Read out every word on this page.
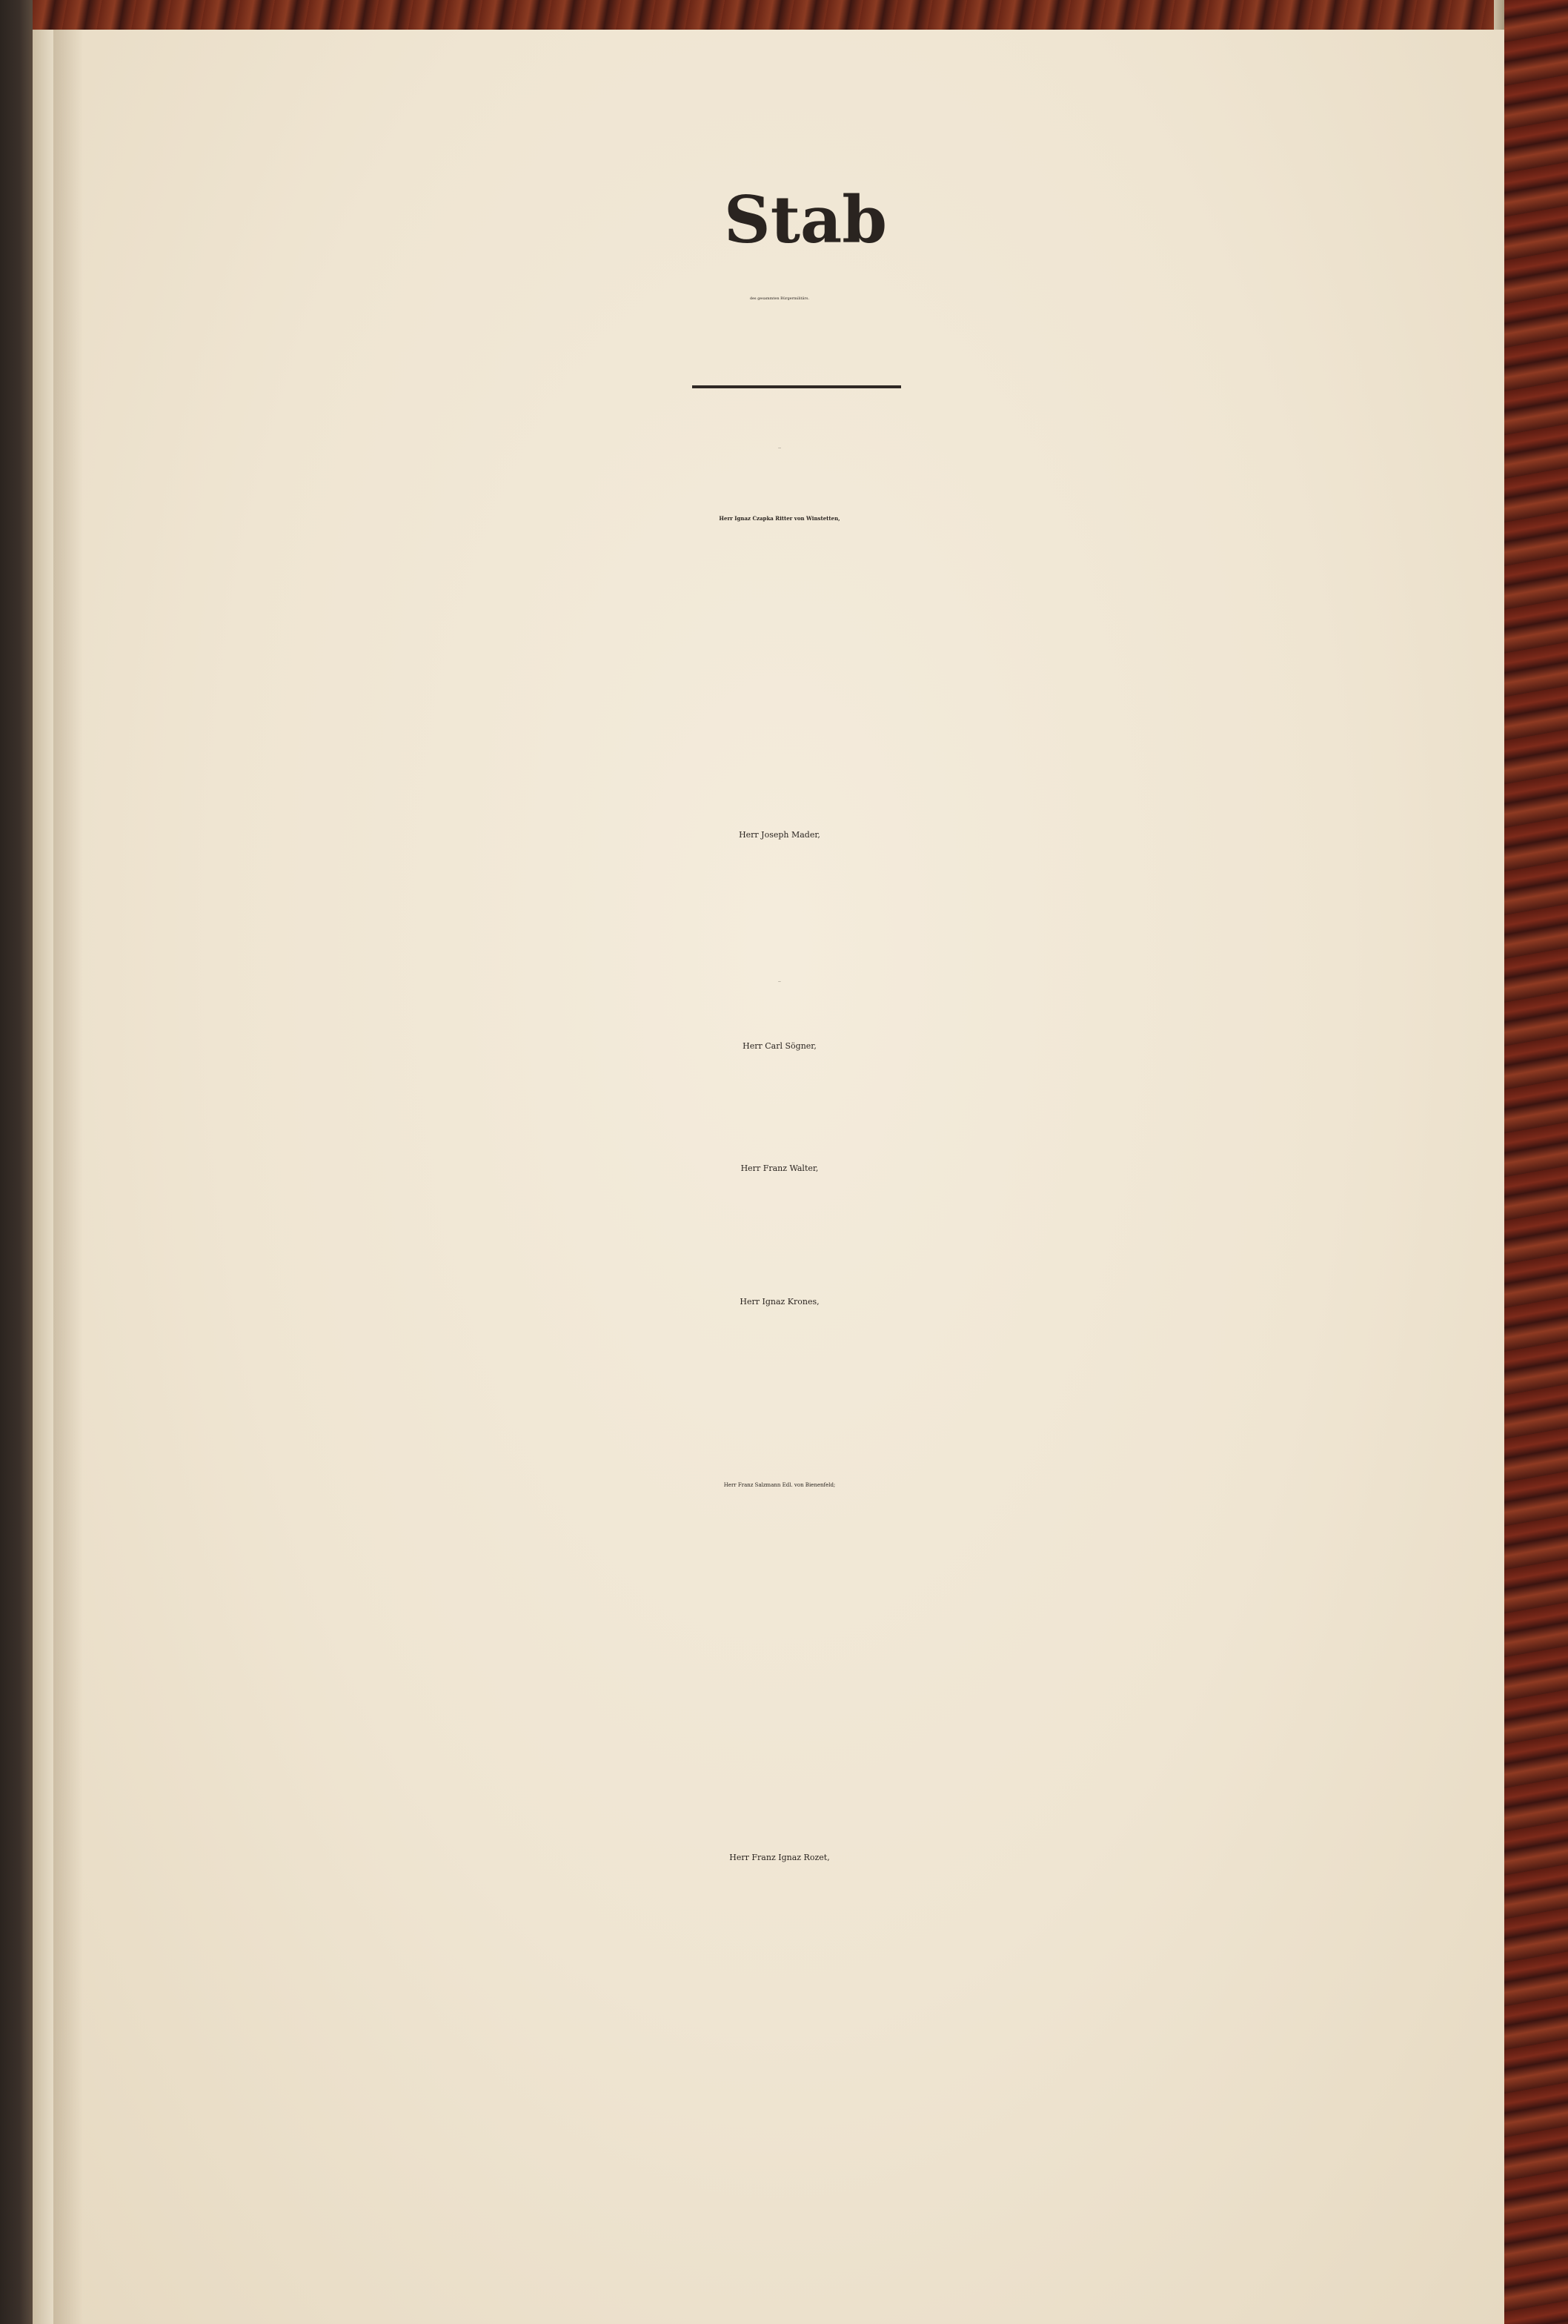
Stab
des gesammten Bürgermilitärs.
Oberst.
Herr Ignaz Czapka Ritter von Winstetten,
Herr Joseph Mader,
Majors.
Herr Carl Sögner,
Herr Franz Walter,
Herr Ignaz Krones,
Herr Franz Salzmann Edl. von Bienenfeld;
Herr Franz Ignaz Rozet,
